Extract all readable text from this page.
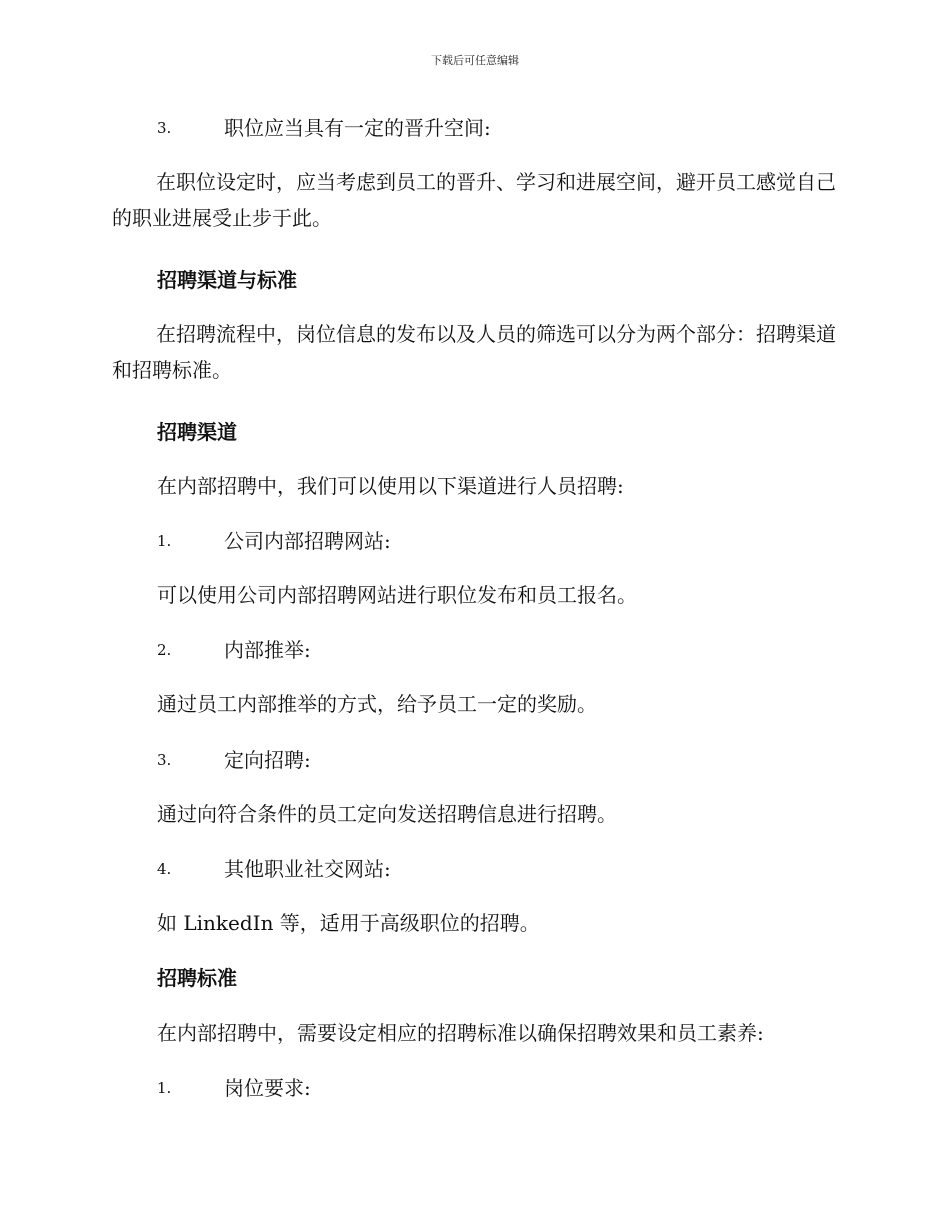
下载后可任意编辑
3.	职位应当具有一定的晋升空间:

在职位设定时，应当考虑到员工的晋升、学习和进展空间，避开员工感觉自己的职业进展受止步于此。

招聘渠道与标准

在招聘流程中，岗位信息的发布以及人员的筛选可以分为两个部分：招聘渠道和招聘标准。

招聘渠道

在内部招聘中，我们可以使用以下渠道进行人员招聘:

1.	公司内部招聘网站:

可以使用公司内部招聘网站进行职位发布和员工报名。

2.	内部推举:

通过员工内部推举的方式，给予员工一定的奖励。

3.	定向招聘:

通过向符合条件的员工定向发送招聘信息进行招聘。

4.	其他职业社交网站:

如 LinkedIn 等，适用于高级职位的招聘。

招聘标准

在内部招聘中，需要设定相应的招聘标准以确保招聘效果和员工素养:

1.	岗位要求:
